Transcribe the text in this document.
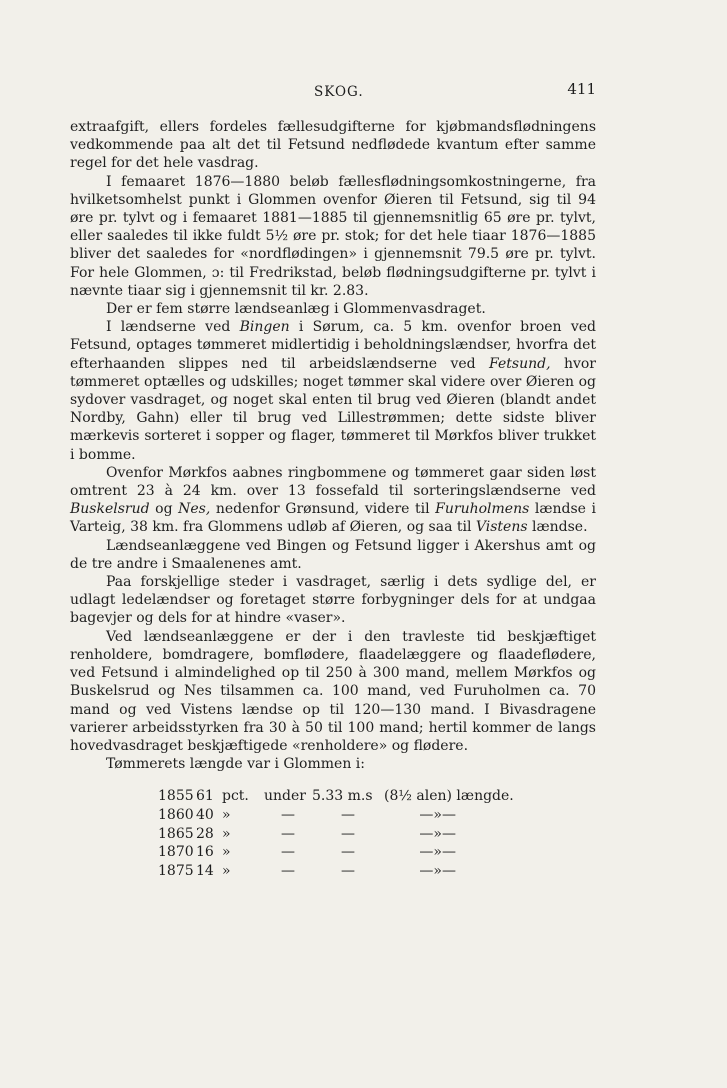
SKOG.	411

extraafgift, ellers fordeles fællesudgifterne for kjøbmandsflødningens vedkommende paa alt det til Fetsund nedflødede kvantum efter samme regel for det hele vasdrag.

I femaaret 1876—1880 beløb fællesflødningsomkostningerne, fra hvilketsomhelst punkt i Glommen ovenfor Øieren til Fetsund, sig til 94 øre pr. tylvt og i femaaret 1881—1885 til gjennemsnitlig 65 øre pr. tylvt, eller saaledes til ikke fuldt 5½ øre pr. stok; for det hele tiaar 1876—1885 bliver det saaledes for «nordflødingen» i gjennemsnit 79.5 øre pr. tylvt. For hele Glommen, ɔ: til Fredrikstad, beløb flødningsudgifterne pr. tylvt i nævnte tiaar sig i gjennemsnit til kr. 2.83.

Der er fem større lændseanlæg i Glommenvasdraget.

I lændserne ved Bingen i Sørum, ca. 5 km. ovenfor broen ved Fetsund, optages tømmeret midlertidig i beholdningslændser, hvorfra det efterhaanden slippes ned til arbeidslændserne ved Fetsund, hvor tømmeret optælles og udskilles; noget tømmer skal videre over Øieren og sydover vasdraget, og noget skal enten til brug ved Øieren (blandt andet Nordby, Gahn) eller til brug ved Lillestrømmen; dette sidste bliver mærkevis sorteret i sopper og flager, tømmeret til Mørkfos bliver trukket i bomme.

Ovenfor Mørkfos aabnes ringbommene og tømmeret gaar siden løst omtrent 23 à 24 km. over 13 fossefald til sorteringslændserne ved Buskelsrud og Nes, nedenfor Grønsund, videre til Furuholmens lændse i Varteig, 38 km. fra Glommens udløb af Øieren, og saa til Vistens lændse.

Lændseanlæggene ved Bingen og Fetsund ligger i Akershus amt og de tre andre i Smaalenenes amt.

Paa forskjellige steder i vasdraget, særlig i dets sydlige del, er udlagt ledelændser og foretaget større forbygninger dels for at undgaa bagevjer og dels for at hindre «vaser».

Ved lændseanlæggene er der i den travleste tid beskjæftiget renholdere, bomdragere, bomflødere, flaadelæggere og flaadeflødere, ved Fetsund i almindelighed op til 250 à 300 mand, mellem Mørkfos og Buskelsrud og Nes tilsammen ca. 100 mand, ved Furuholmen ca. 70 mand og ved Vistens lændse op til 120—130 mand. I Bivasdragene varierer arbeidsstyrken fra 30 à 50 til 100 mand; hertil kommer de langs hovedvasdraget beskjæftigede «renholdere» og flødere.

Tømmerets længde var i Glommen i:

1855 61 pct.	under 5.33 m.s (8½ alen) længde.
1860 40 »	—	—	—»—
1865 28 »	—	—	—»—
1870 16 »	—	—	—»—
1875 14 »	—	—	—»—
